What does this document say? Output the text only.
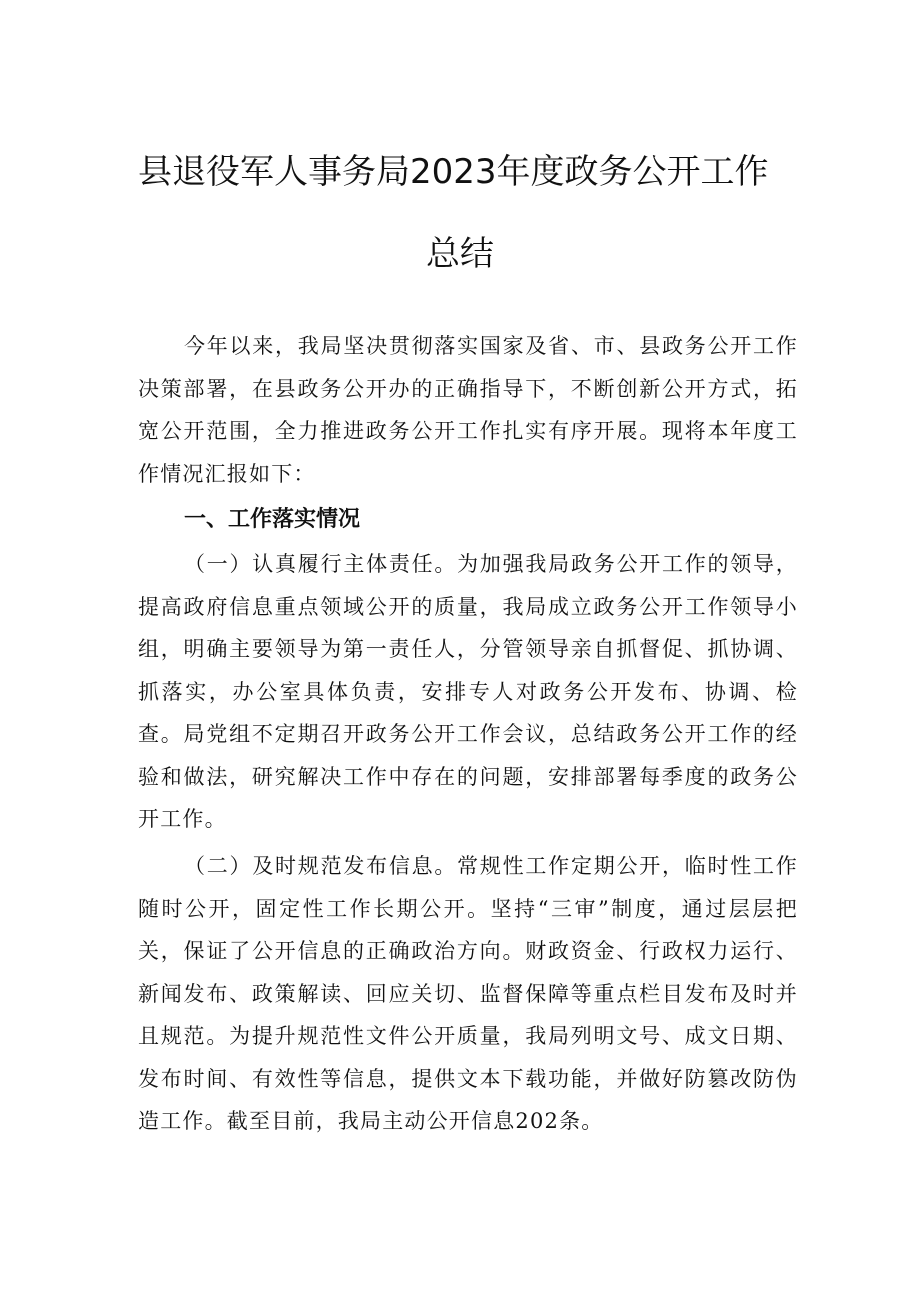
县退役军人事务局2023年度政务公开工作
总结

今年以来，我局坚决贯彻落实国家及省、市、县政务公开工作决策部署，在县政务公开办的正确指导下，不断创新公开方式，拓宽公开范围，全力推进政务公开工作扎实有序开展。现将本年度工作情况汇报如下：

一、工作落实情况

（一）认真履行主体责任。为加强我局政务公开工作的领导，提高政府信息重点领域公开的质量，我局成立政务公开工作领导小组，明确主要领导为第一责任人，分管领导亲自抓督促、抓协调、抓落实，办公室具体负责，安排专人对政务公开发布、协调、检查。局党组不定期召开政务公开工作会议，总结政务公开工作的经验和做法，研究解决工作中存在的问题，安排部署每季度的政务公开工作。

（二）及时规范发布信息。常规性工作定期公开，临时性工作随时公开，固定性工作长期公开。坚持“三审”制度，通过层层把关，保证了公开信息的正确政治方向。财政资金、行政权力运行、新闻发布、政策解读、回应关切、监督保障等重点栏目发布及时并且规范。为提升规范性文件公开质量，我局列明文号、成文日期、发布时间、有效性等信息，提供文本下载功能，并做好防篡改防伪造工作。截至目前，我局主动公开信息202条。
